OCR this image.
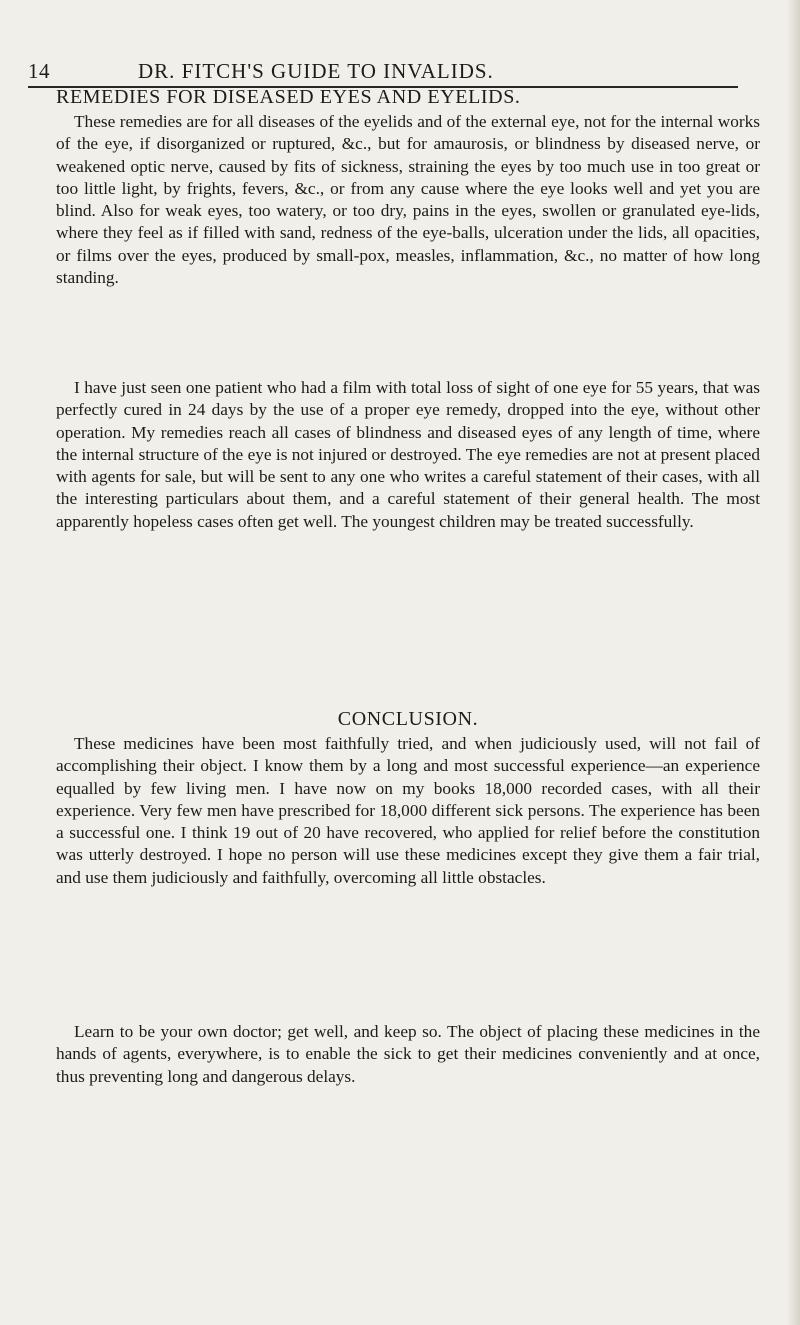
14	DR. FITCH'S GUIDE TO INVALIDS.
REMEDIES FOR DISEASED EYES AND EYELIDS.

These remedies are for all diseases of the eyelids and of the external eye, not for the internal works of the eye, if disorganized or ruptured, &c., but for amaurosis, or blindness by diseased nerve, or weakened optic nerve, caused by fits of sickness, straining the eyes by too much use in too great or too little light, by frights, fevers, &c., or from any cause where the eye looks well and yet you are blind. Also for weak eyes, too watery, or too dry, pains in the eyes, swollen or granulated eye-lids, where they feel as if filled with sand, redness of the eye-balls, ulceration under the lids, all opacities, or films over the eyes, produced by small-pox, measles, inflammation, &c., no matter of how long standing.

I have just seen one patient who had a film with total loss of sight of one eye for 55 years, that was perfectly cured in 24 days by the use of a proper eye remedy, dropped into the eye, without other operation. My remedies reach all cases of blindness and diseased eyes of any length of time, where the internal structure of the eye is not injured or destroyed. The eye remedies are not at present placed with agents for sale, but will be sent to any one who writes a careful statement of their cases, with all the interesting particulars about them, and a careful statement of their general health. The most apparently hopeless cases often get well. The youngest children may be treated successfully.

CONCLUSION.

These medicines have been most faithfully tried, and when judiciously used, will not fail of accomplishing their object. I know them by a long and most successful experience—an experience equalled by few living men. I have now on my books 18,000 recorded cases, with all their experience. Very few men have prescribed for 18,000 different sick persons. The experience has been a successful one. I think 19 out of 20 have recovered, who applied for relief before the constitution was utterly destroyed. I hope no person will use these medicines except they give them a fair trial, and use them judiciously and faithfully, overcoming all little obstacles.

Learn to be your own doctor; get well, and keep so. The object of placing these medicines in the hands of agents, everywhere, is to enable the sick to get their medicines conveniently and at once, thus preventing long and dangerous delays.
